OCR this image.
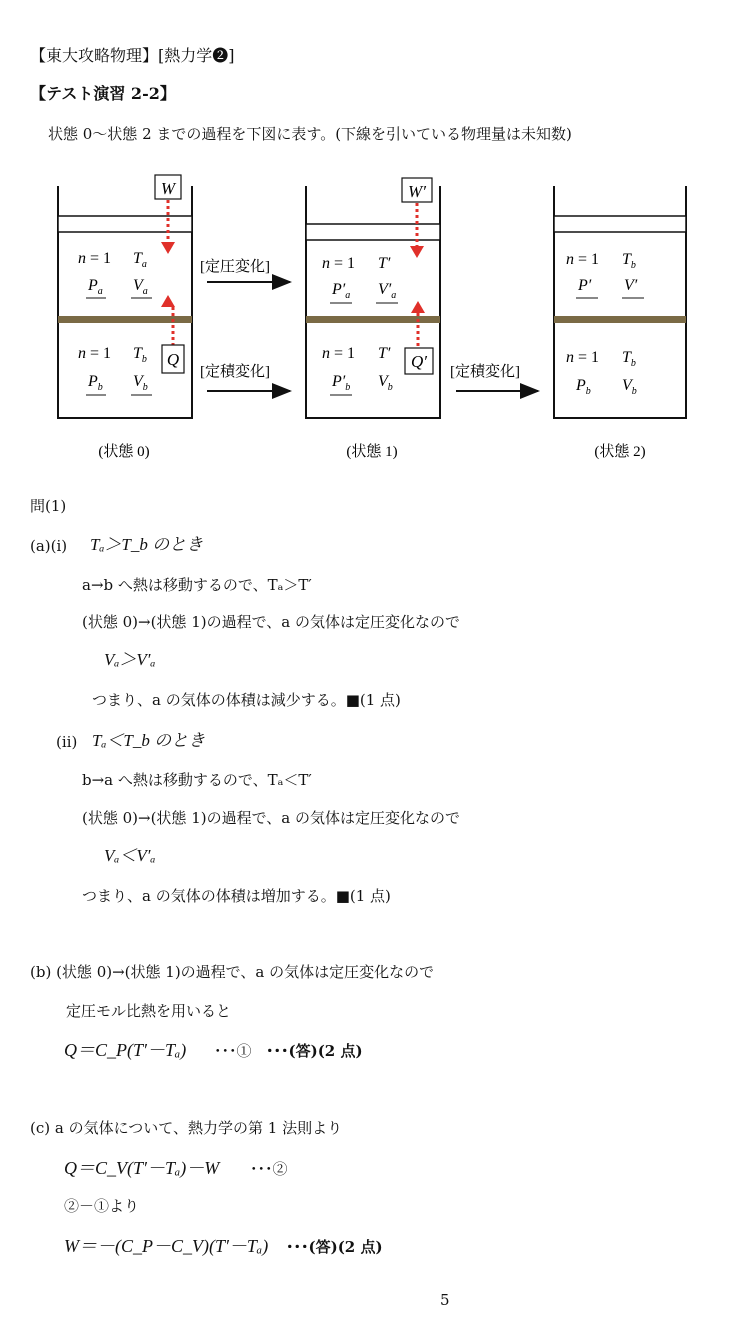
【東大攻略物理】[熱力学❷]
【テスト演習 2-2】
状態 0～状態 2 までの過程を下図に表す。(下線を引いている物理量は未知数)
W
Q
n = 1 $T_a$
$P_a$ $V_a$
n = 1 $T_b$
$P_b$ $V_b$
[定圧変化]
[定積変化]
W′
Q′
n = 1 T′
$P'_a$ $V'_a$
n = 1 T′
$P'_b$ $V_b$
[定積変化]
n = 1 $T_b$
P′ V′
n = 1 $T_b$
$P_b$ $V_b$
(状態 0)	(状態 1)	(状態 2)
問(1)
(a)(ⅰ) Tₐ＞T_b のとき
a→b へ熱は移動するので、Tₐ＞T′
(状態 0)→(状態 1)の過程で、a の気体は定圧変化なので
Vₐ＞V′ₐ
つまり、a の気体の体積は減少する。■(1 点)
(ⅱ) Tₐ＜T_b のとき
b→a へ熱は移動するので、Tₐ＜T′
(状態 0)→(状態 1)の過程で、a の気体は定圧変化なので
Vₐ＜V′ₐ
つまり、a の気体の体積は増加する。■(1 点)
(b) (状態 0)→(状態 1)の過程で、a の気体は定圧変化なので
定圧モル比熱を用いると
Q＝C_P(T′－Tₐ) ･･･① ･･･(答)(2 点)
(c) a の気体について、熱力学の第 1 法則より
Q＝C_V(T′－Tₐ)－W ･･･②
②－①より
W＝－(C_P－C_V)(T′－Tₐ) ･･･(答)(2 点)
5
